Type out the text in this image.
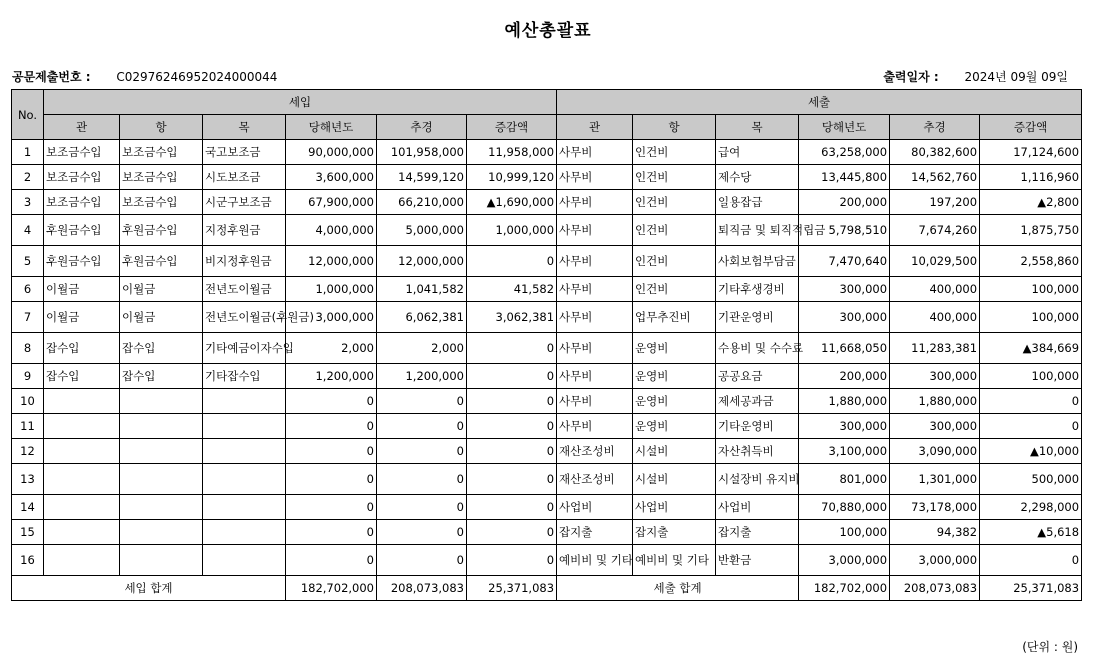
예산총괄표
공문제출번호 : C02976246952024000044	출력일자 : 2024년 09월 09일
No.	세입						세출					
	관	항	목	당해년도	추경	증감액	관	항	목	당해년도	추경	증감액
1	보조금수입	보조금수입	국고보조금	90,000,000	101,958,000	11,958,000	사무비	인건비	급여	63,258,000	80,382,600	17,124,600
2	보조금수입	보조금수입	시도보조금	3,600,000	14,599,120	10,999,120	사무비	인건비	제수당	13,445,800	14,562,760	1,116,960
3	보조금수입	보조금수입	시군구보조금	67,900,000	66,210,000	▲1,690,000	사무비	인건비	일용잡급	200,000	197,200	▲2,800
4	후원금수입	후원금수입	지정후원금	4,000,000	5,000,000	1,000,000	사무비	인건비	퇴직금 및 퇴직적립금	5,798,510	7,674,260	1,875,750
5	후원금수입	후원금수입	비지정후원금	12,000,000	12,000,000	0	사무비	인건비	사회보험부담금	7,470,640	10,029,500	2,558,860
6	이월금	이월금	전년도이월금	1,000,000	1,041,582	41,582	사무비	인건비	기타후생경비	300,000	400,000	100,000
7	이월금	이월금	전년도이월금(후원금)	3,000,000	6,062,381	3,062,381	사무비	업무추진비	기관운영비	300,000	400,000	100,000
8	잡수입	잡수입	기타예금이자수입	2,000	2,000	0	사무비	운영비	수용비 및 수수료	11,668,050	11,283,381	▲384,669
9	잡수입	잡수입	기타잡수입	1,200,000	1,200,000	0	사무비	운영비	공공요금	200,000	300,000	100,000
10				0	0	0	사무비	운영비	제세공과금	1,880,000	1,880,000	0
11				0	0	0	사무비	운영비	기타운영비	300,000	300,000	0
12				0	0	0	재산조성비	시설비	자산취득비	3,100,000	3,090,000	▲10,000
13				0	0	0	재산조성비	시설비	시설장비 유지비	801,000	1,301,000	500,000
14				0	0	0	사업비	사업비	사업비	70,880,000	73,178,000	2,298,000
15				0	0	0	잡지출	잡지출	잡지출	100,000	94,382	▲5,618
16				0	0	0	예비비 및 기타	예비비 및 기타	반환금	3,000,000	3,000,000	0
세입 합계				182,702,000	208,073,083	25,371,083	세출 합계			182,702,000	208,073,083	25,371,083
(단위 : 원)
